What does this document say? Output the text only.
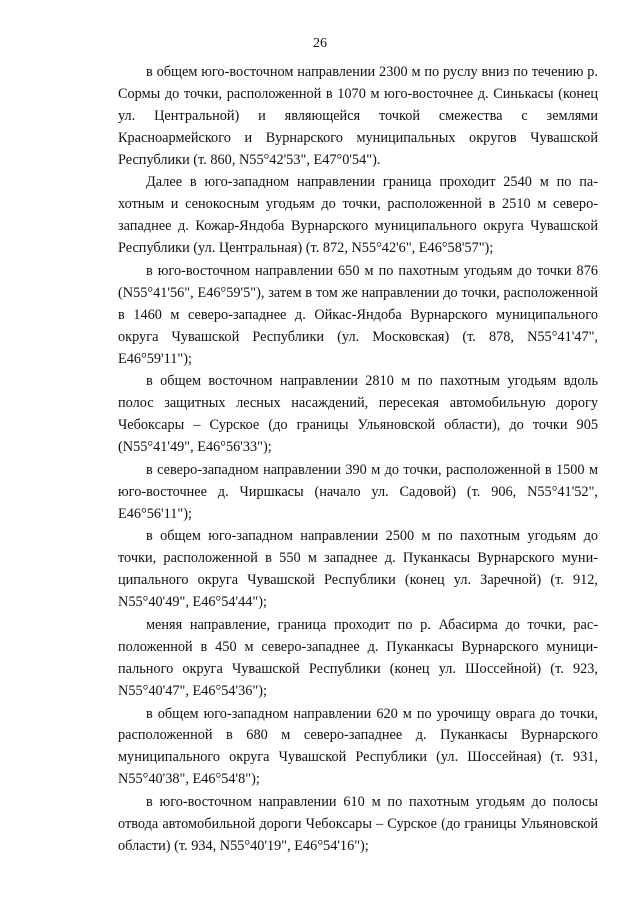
26

в общем юго-восточном направлении 2300 м по руслу вниз по течению р. Сормы до точки, расположенной в 1070 м юго-восточнее д. Синькасы (конец ул. Центральной) и являющейся точкой смежества с землями Красноармейского и Вурнарского муниципальных округов Чувашской Республики (т. 860, N55°42'53", E47°0'54").

Далее в юго-западном направлении граница проходит 2540 м по пахотным и сенокосным угодьям до точки, расположенной в 2510 м северо-западнее д. Кожар-Яндоба Вурнарского муниципального округа Чувашской Республики (ул. Центральная) (т. 872, N55°42'6", E46°58'57");

в юго-восточном направлении 650 м по пахотным угодьям до точки 876 (N55°41'56", E46°59'5"), затем в том же направлении до точки, расположенной в 1460 м северо-западнее д. Ойкас-Яндоба Вурнарского муниципального округа Чувашской Республики (ул. Московская) (т. 878, N55°41'47", E46°59'11");

в общем восточном направлении 2810 м по пахотным угодьям вдоль полос защитных лесных насаждений, пересекая автомобильную дорогу Чебоксары – Сурское (до границы Ульяновской области), до точки 905 (N55°41'49", E46°56'33");

в северо-западном направлении 390 м до точки, расположенной в 1500 м юго-восточнее д. Чиршкасы (начало ул. Садовой) (т. 906, N55°41'52", E46°56'11");

в общем юго-западном направлении 2500 м по пахотным угодьям до точки, расположенной в 550 м западнее д. Пуканкасы Вурнарского муниципального округа Чувашской Республики (конец ул. Заречной) (т. 912, N55°40'49", E46°54'44");

меняя направление, граница проходит по р. Абасирма до точки, расположенной в 450 м северо-западнее д. Пуканкасы Вурнарского муниципального округа Чувашской Республики (конец ул. Шоссейной) (т. 923, N55°40'47", E46°54'36");

в общем юго-западном направлении 620 м по урочищу оврага до точки, расположенной в 680 м северо-западнее д. Пуканкасы Вурнарского муниципального округа Чувашской Республики (ул. Шоссейная) (т. 931, N55°40'38", E46°54'8");

в юго-восточном направлении 610 м по пахотным угодьям до полосы отвода автомобильной дороги Чебоксары – Сурское (до границы Ульяновской области) (т. 934, N55°40'19", E46°54'16");
